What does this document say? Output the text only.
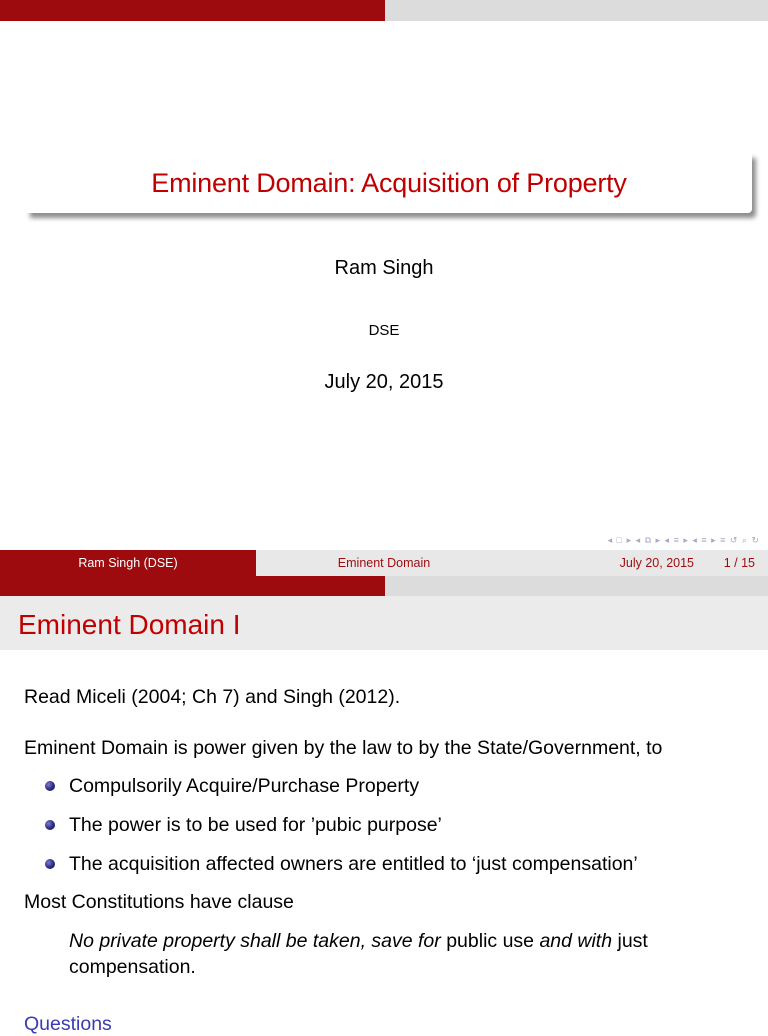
Eminent Domain: Acquisition of Property
Ram Singh
DSE
July 20, 2015
◂ □ ▸ ◂ ⧉ ▸ ◂ ≡ ▸ ◂ ≡ ▸ ≡ ↺ ⌕ ↻
Ram Singh (DSE)	Eminent Domain	July 20, 2015 1 / 15
Eminent Domain I
Read Miceli (2004; Ch 7) and Singh (2012).
Eminent Domain is power given by the law to by the State/Government, to
Compulsorily Acquire/Purchase Property
The power is to be used for ’pubic purpose’
The acquisition affected owners are entitled to ‘just compensation’
Most Constitutions have clause
No private property shall be taken, save for public use and with just compensation.
Questions
